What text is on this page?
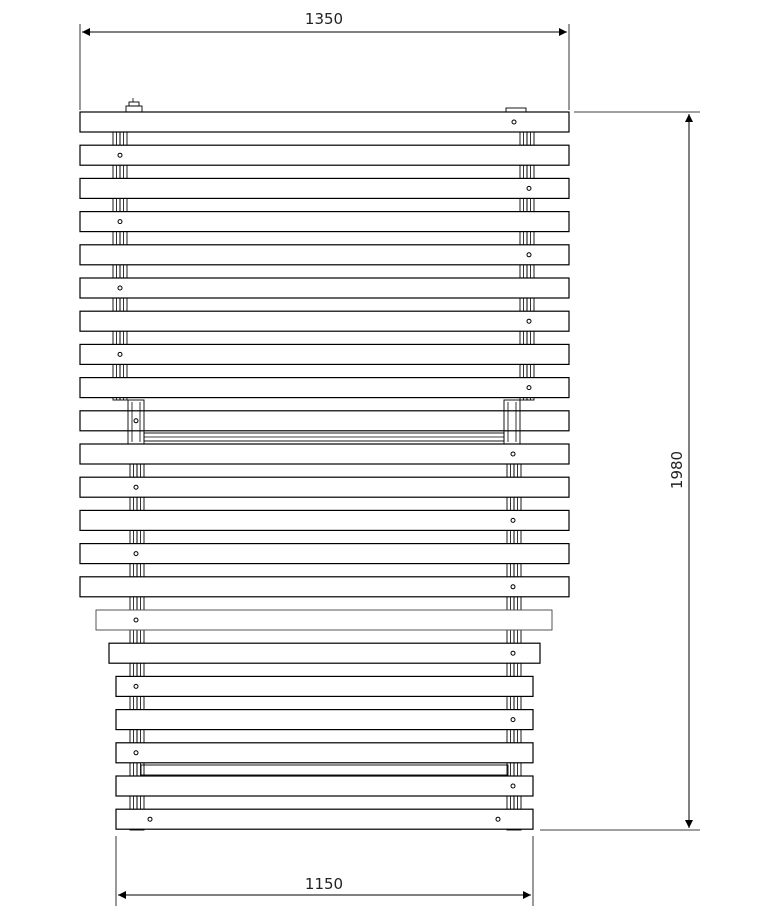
1350
1980
1150
